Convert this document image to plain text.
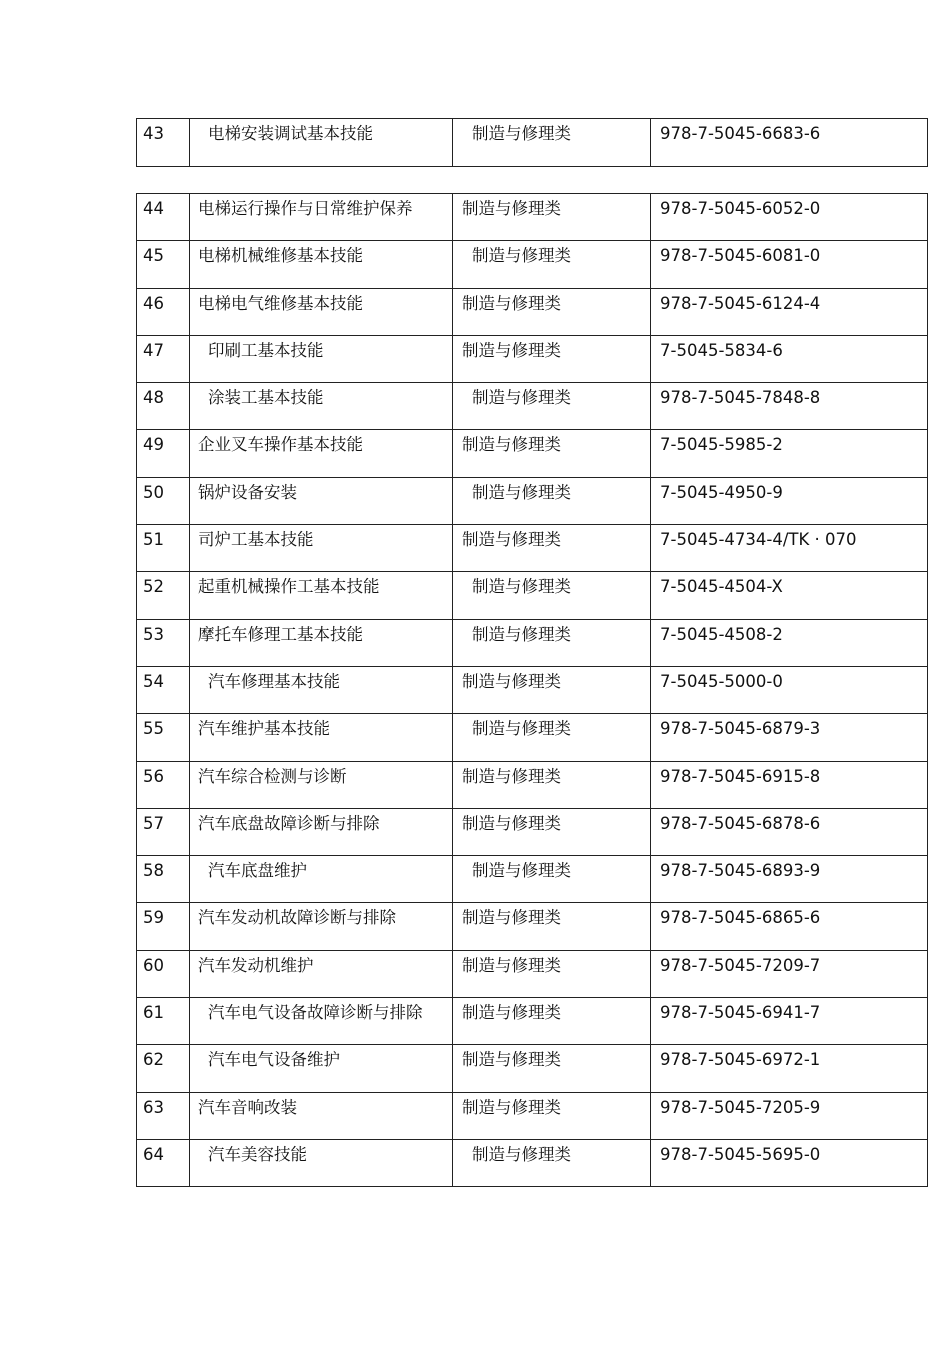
43	电梯安装调试基本技能	制造与修理类	978-7-5045-6683-6
44	电梯运行操作与日常维护保养	制造与修理类	978-7-5045-6052-0
45	电梯机械维修基本技能	制造与修理类	978-7-5045-6081-0
46	电梯电气维修基本技能	制造与修理类	978-7-5045-6124-4
47	印刷工基本技能	制造与修理类	7-5045-5834-6
48	涂装工基本技能	制造与修理类	978-7-5045-7848-8
49	企业叉车操作基本技能	制造与修理类	7-5045-5985-2
50	锅炉设备安装	制造与修理类	7-5045-4950-9
51	司炉工基本技能	制造与修理类	7-5045-4734-4/TK · 070
52	起重机械操作工基本技能	制造与修理类	7-5045-4504-X
53	摩托车修理工基本技能	制造与修理类	7-5045-4508-2
54	汽车修理基本技能	制造与修理类	7-5045-5000-0
55	汽车维护基本技能	制造与修理类	978-7-5045-6879-3
56	汽车综合检测与诊断	制造与修理类	978-7-5045-6915-8
57	汽车底盘故障诊断与排除	制造与修理类	978-7-5045-6878-6
58	汽车底盘维护	制造与修理类	978-7-5045-6893-9
59	汽车发动机故障诊断与排除	制造与修理类	978-7-5045-6865-6
60	汽车发动机维护	制造与修理类	978-7-5045-7209-7
61	汽车电气设备故障诊断与排除	制造与修理类	978-7-5045-6941-7
62	汽车电气设备维护	制造与修理类	978-7-5045-6972-1
63	汽车音响改装	制造与修理类	978-7-5045-7205-9
64	汽车美容技能	制造与修理类	978-7-5045-5695-0
